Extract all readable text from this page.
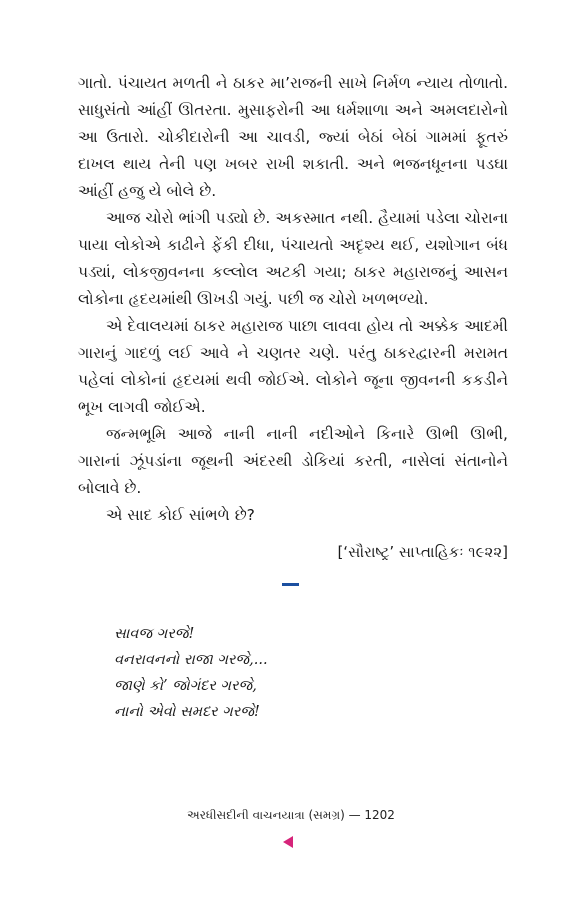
ગાતો. પંચાયત મળતી ને ઠાકર મા’રાજની સાખે નિર્મળ ન્યાય તોળાતો. સાધુસંતો આંહીં ઊતરતા. મુસાફરોની આ ધર્મશાળા અને અમલદારોનો આ ઉતારો. ચોકીદારોની આ ચાવડી, જ્યાં બેઠાં બેઠાં ગામમાં ફૂતરું દાખલ થાય તેની પણ ખબર રાખી શકાતી. અને ભજનધૂનના પડઘા આંહીં હજુ યે બોલે છે.

આજ ચોરો ભાંગી પડ્યો છે. અકસ્માત નથી. હૈયામાં પડેલા ચોરાના પાયા લોકોએ કાઢીને ફેંકી દીધા, પંચાયતો અદૃશ્ય થઈ, યશોગાન બંધ પડ્યાં, લોકજીવનના કલ્લોલ અટકી ગયા; ઠાકર મહારાજનું આસન લોકોના હૃદયમાંથી ઊખડી ગયું. પછી જ ચોરો ખળભળ્યો.

એ દેવાલયમાં ઠાકર મહારાજ પાછા લાવવા હોય તો અક્કેક આદમી ગારાનું ગાદળું લઈ આવે ને ચણતર ચણે. પરંતુ ઠાકરદ્વારની મરામત પહેલાં લોકોનાં હૃદયમાં થવી જોઈએ. લોકોને જૂના જીવનની કકડીને ભૂખ લાગવી જોઈએ.

જન્મભૂમિ આજે નાની નાની નદીઓને કિનારે ઊભી ઊભી, ગારાનાં ઝૂંપડાંના જૂથની અંદરથી ડોકિયાં કરતી, નાસેલાં સંતાનોને બોલાવે છે.

એ સાદ કોઈ સાંભળે છે?

[‘સૌરાષ્ટ્ર’ સાપ્તાહિકઃ ૧૯૨૨]
સાવજ ગરજે!
વનરાવનનો રાજા ગરજે,...
જાણે કો’ જોગંદર ગરજે,
નાનો એવો સમદર ગરજે!
અરધીસદીની વાચનયાત્રા (સમગ્ર) — 1202
